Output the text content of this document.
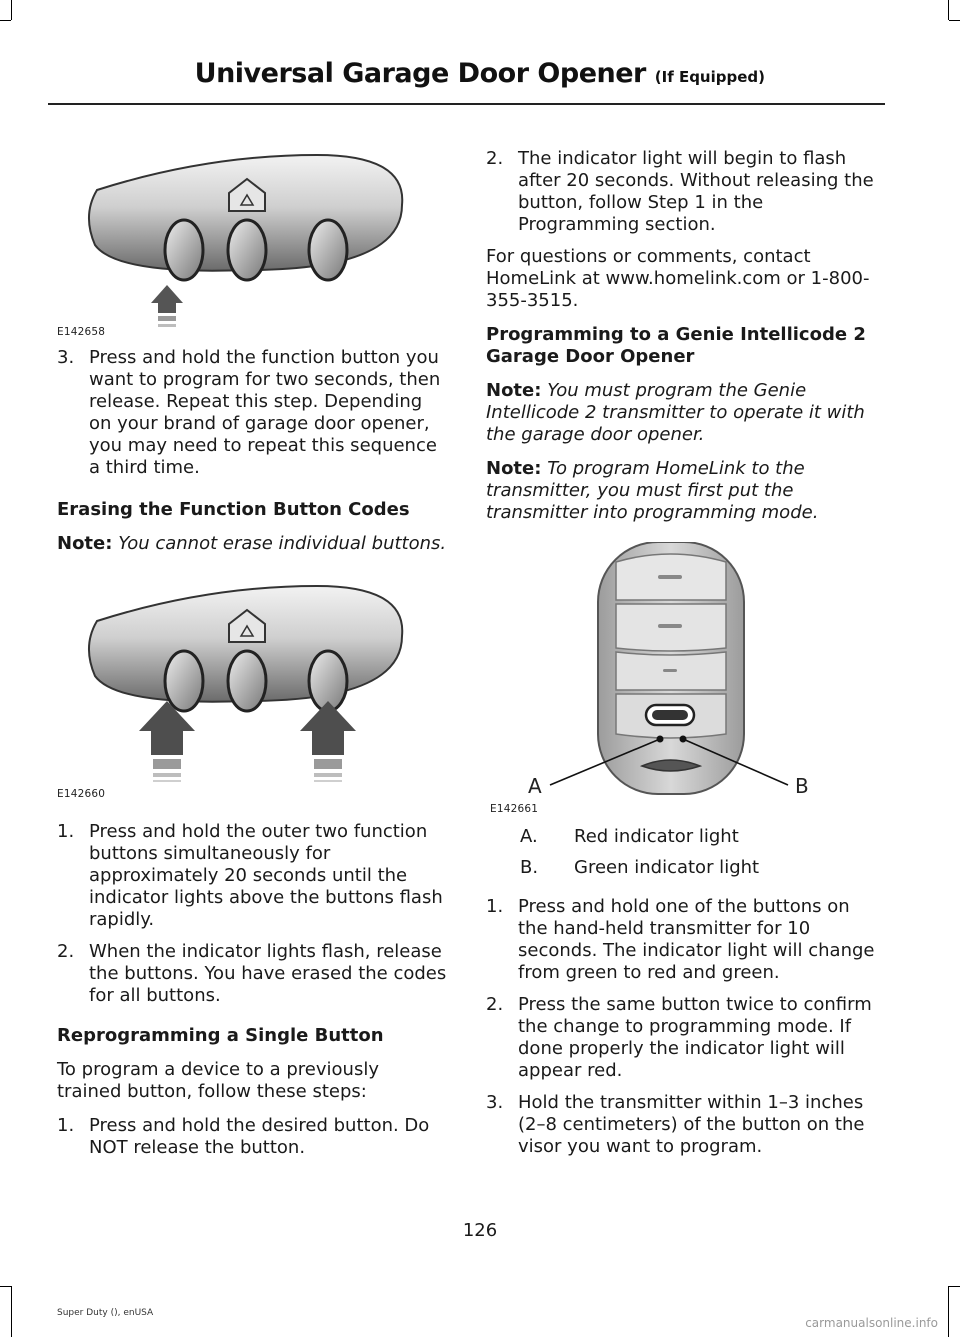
Universal Garage Door Opener (If Equipped)
E142658
3. Press and hold the function button you want to program for two seconds, then release. Repeat this step. Depending on your brand of garage door opener, you may need to repeat this sequence a third time.
Erasing the Function Button Codes
Note: You cannot erase individual buttons.
E142660
1. Press and hold the outer two function buttons simultaneously for approximately 20 seconds until the indicator lights above the buttons flash rapidly.
2. When the indicator lights flash, release the buttons. You have erased the codes for all buttons.
Reprogramming a Single Button
To program a device to a previously trained button, follow these steps:
1. Press and hold the desired button. Do NOT release the button.
2. The indicator light will begin to flash after 20 seconds. Without releasing the button, follow Step 1 in the Programming section.
For questions or comments, contact HomeLink at www.homelink.com or 1-800-355-3515.
Programming to a Genie Intellicode 2 Garage Door Opener
Note: You must program the Genie Intellicode 2 transmitter to operate it with the garage door opener.
Note: To program HomeLink to the transmitter, you must first put the transmitter into programming mode.
A	B
E142661
A. Red indicator light
B. Green indicator light
1. Press and hold one of the buttons on the hand-held transmitter for 10 seconds. The indicator light will change from green to red and green.
2. Press the same button twice to confirm the change to programming mode. If done properly the indicator light will appear red.
3. Hold the transmitter within 1–3 inches (2–8 centimeters) of the button on the visor you want to program.
126
Super Duty (), enUSA
carmanualsonline.info
